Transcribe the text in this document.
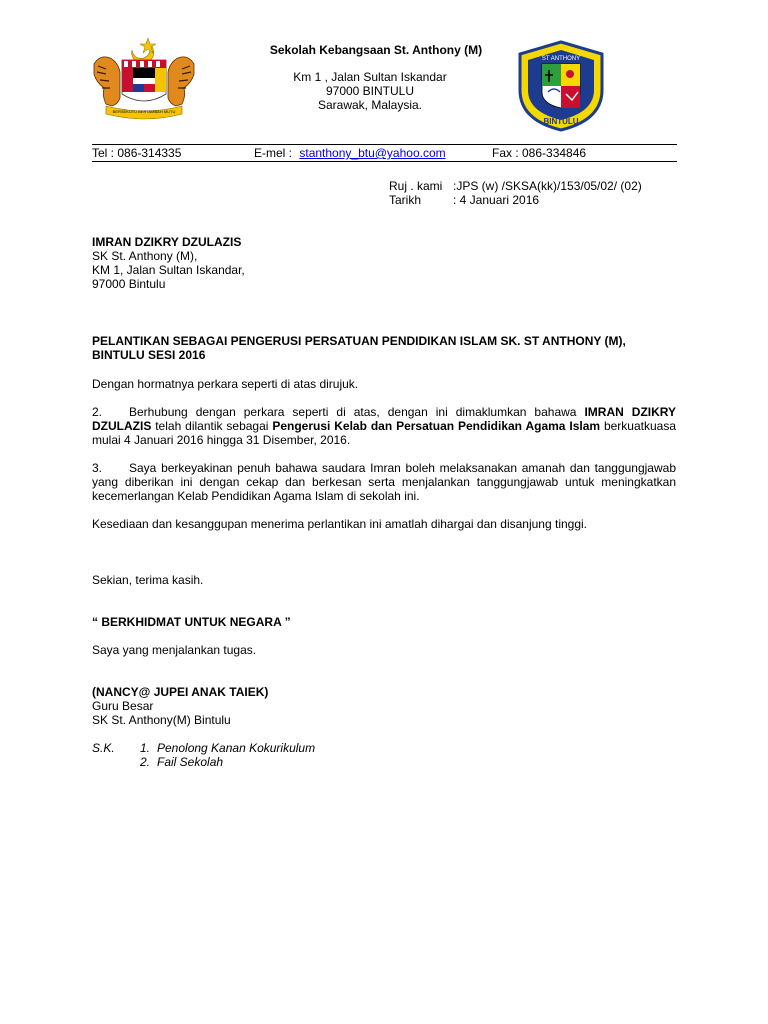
BERSEKUTU BERTAMBAH MUTU
Sekolah Kebangsaan St. Anthony (M)
Km 1 , Jalan Sultan Iskandar
97000 BINTULU
Sarawak, Malaysia.
ST ANTHONY
BINTULU
Tel : 086-314335	E-mel : stanthony_btu@yahoo.com	Fax : 086-334846
Ruj . kami :JPS (w) /SKSA(kk)/153/05/02/ (02)
Tarikh	: 4 Januari 2016
IMRAN DZIKRY DZULAZIS
SK St. Anthony (M),
KM 1, Jalan Sultan Iskandar,
97000 Bintulu
PELANTIKAN SEBAGAI PENGERUSI PERSATUAN PENDIDIKAN ISLAM SK. ST ANTHONY (M),
BINTULU SESI 2016
Dengan hormatnya perkara seperti di atas dirujuk.
2. Berhubung dengan perkara seperti di atas, dengan ini dimaklumkan bahawa IMRAN DZIKRY DZULAZIS telah dilantik sebagai Pengerusi Kelab dan Persatuan Pendidikan Agama Islam berkuatkuasa mulai 4 Januari 2016 hingga 31 Disember, 2016.
3. Saya berkeyakinan penuh bahawa saudara Imran boleh melaksanakan amanah dan tanggungjawab yang diberikan ini dengan cekap dan berkesan serta menjalankan tanggungjawab untuk meningkatkan kecemerlangan Kelab Pendidikan Agama Islam di sekolah ini.
Kesediaan dan kesanggupan menerima perlantikan ini amatlah dihargai dan disanjung tinggi.
Sekian, terima kasih.
“ BERKHIDMAT UNTUK NEGARA ”
Saya yang menjalankan tugas.
(NANCY@ JUPEI ANAK TAIEK)
Guru Besar
SK St. Anthony(M) Bintulu
S.K. 1. Penolong Kanan Kokurikulum
2. Fail Sekolah
